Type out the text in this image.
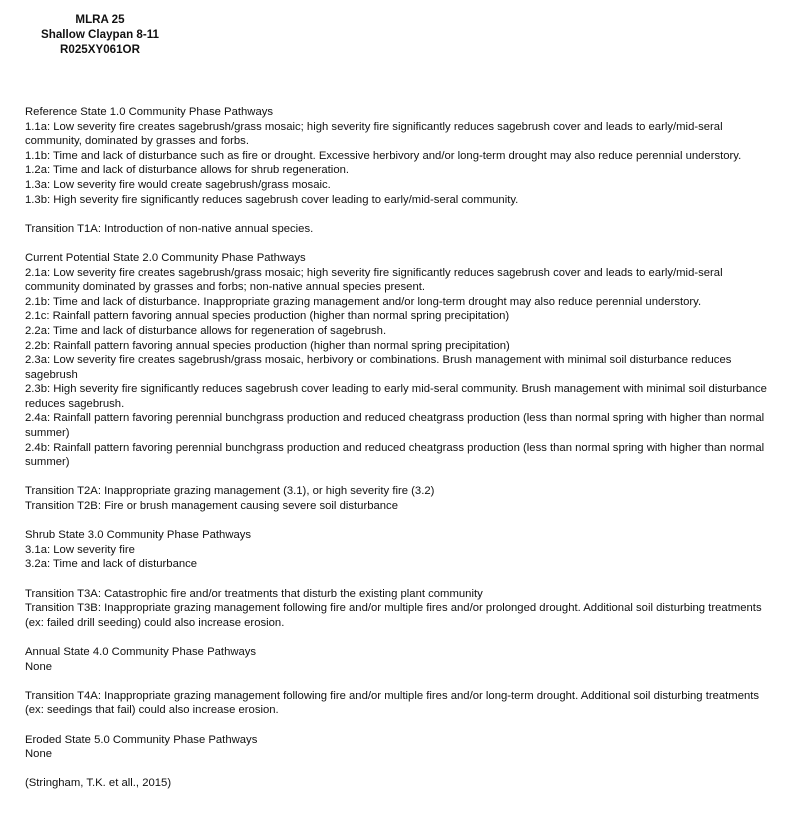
MLRA 25
Shallow Claypan 8-11
R025XY061OR
Reference State 1.0 Community Phase Pathways
1.1a: Low severity fire creates sagebrush/grass mosaic; high severity fire significantly reduces sagebrush cover and leads to early/mid-seral community, dominated by grasses and forbs.
1.1b: Time and lack of disturbance such as fire or drought. Excessive herbivory and/or long-term drought may also reduce perennial understory.
1.2a: Time and lack of disturbance allows for shrub regeneration.
1.3a: Low severity fire would create sagebrush/grass mosaic.
1.3b: High severity fire significantly reduces sagebrush cover leading to early/mid-seral community.
Transition T1A: Introduction of non-native annual species.
Current Potential State 2.0 Community Phase Pathways
2.1a: Low severity fire creates sagebrush/grass mosaic; high severity fire significantly reduces sagebrush cover and leads to early/mid-seral community dominated by grasses and forbs; non-native annual species present.
2.1b: Time and lack of disturbance. Inappropriate grazing management and/or long-term drought may also reduce perennial understory.
2.1c: Rainfall pattern favoring annual species production (higher than normal spring precipitation)
2.2a: Time and lack of disturbance allows for regeneration of sagebrush.
2.2b: Rainfall pattern favoring annual species production (higher than normal spring precipitation)
2.3a: Low severity fire creates sagebrush/grass mosaic, herbivory or combinations. Brush management with minimal soil disturbance reduces sagebrush
2.3b: High severity fire significantly reduces sagebrush cover leading to early mid-seral community. Brush management with minimal soil disturbance reduces sagebrush.
2.4a: Rainfall pattern favoring perennial bunchgrass production and reduced cheatgrass production (less than normal spring with higher than normal summer)
2.4b: Rainfall pattern favoring perennial bunchgrass production and reduced cheatgrass production (less than normal spring with higher than normal summer)
Transition T2A: Inappropriate grazing management (3.1), or high severity fire (3.2)
Transition T2B: Fire or brush management causing severe soil disturbance
Shrub State 3.0 Community Phase Pathways
3.1a: Low severity fire
3.2a: Time and lack of disturbance
Transition T3A: Catastrophic fire and/or treatments that disturb the existing plant community
Transition T3B: Inappropriate grazing management following fire and/or multiple fires and/or prolonged drought. Additional soil disturbing treatments (ex: failed drill seeding) could also increase erosion.
Annual State 4.0 Community Phase Pathways
None
Transition T4A: Inappropriate grazing management following fire and/or multiple fires and/or long-term drought. Additional soil disturbing treatments (ex: seedings that fail) could also increase erosion.
Eroded State 5.0 Community Phase Pathways
None
(Stringham, T.K. et all., 2015)
